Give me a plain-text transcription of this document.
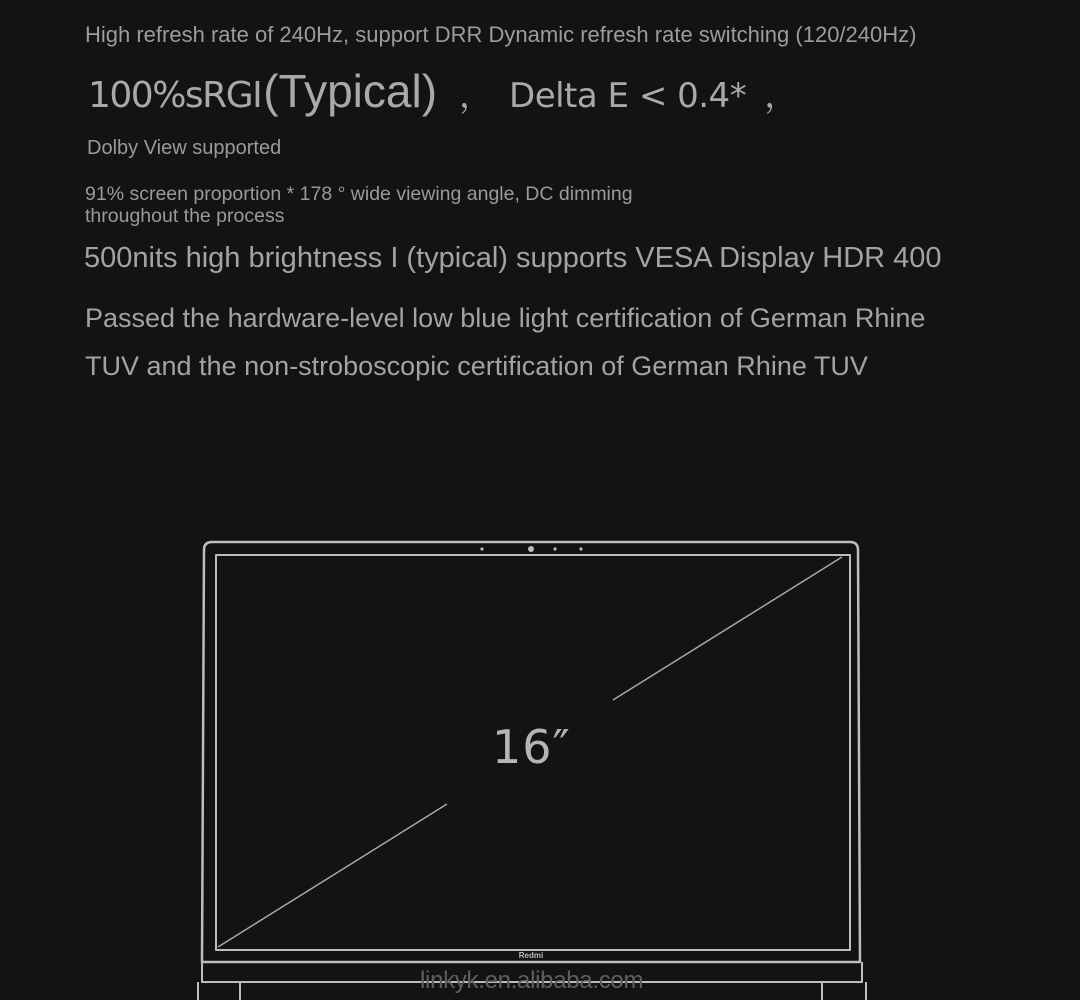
High refresh rate of 240Hz, support DRR Dynamic refresh rate switching (120/240Hz)

100%sRGI(Typical) ， Delta E < 0.4* ，

Dolby View supported

91% screen proportion * 178 ° wide viewing angle, DC dimming
throughout the process

500nits high brightness I (typical) supports VESA Display HDR 400

Passed the hardware-level low blue light certification of German Rhine

TUV and the non-stroboscopic certification of German Rhine TUV

Redmi
16″
linkyk.en.alibaba.com
